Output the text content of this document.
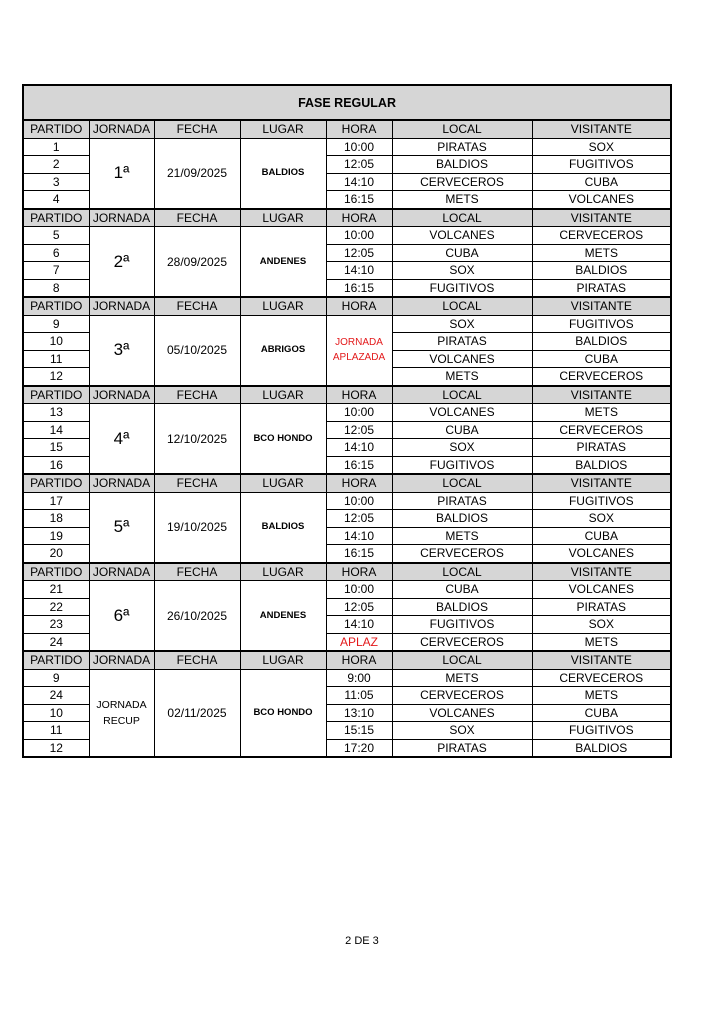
FASE REGULAR						
PARTIDO	JORNADA	FECHA	LUGAR	HORA	LOCAL	VISITANTE
1	1ª	21/09/2025	BALDIOS	10:00	PIRATAS	SOX
2				12:05	BALDIOS	FUGITIVOS
3				14:10	CERVECEROS	CUBA
4				16:15	METS	VOLCANES
PARTIDO	JORNADA	FECHA	LUGAR	HORA	LOCAL	VISITANTE
5	2ª	28/09/2025	ANDENES	10:00	VOLCANES	CERVECEROS
6				12:05	CUBA	METS
7				14:10	SOX	BALDIOS
8				16:15	FUGITIVOS	PIRATAS
PARTIDO	JORNADA	FECHA	LUGAR	HORA	LOCAL	VISITANTE
9	3ª	05/10/2025	ABRIGOS	JORNADA APLAZADA	SOX	FUGITIVOS
10					PIRATAS	BALDIOS
11					VOLCANES	CUBA
12					METS	CERVECEROS
PARTIDO	JORNADA	FECHA	LUGAR	HORA	LOCAL	VISITANTE
13	4ª	12/10/2025	BCO HONDO	10:00	VOLCANES	METS
14				12:05	CUBA	CERVECEROS
15				14:10	SOX	PIRATAS
16				16:15	FUGITIVOS	BALDIOS
PARTIDO	JORNADA	FECHA	LUGAR	HORA	LOCAL	VISITANTE
17	5ª	19/10/2025	BALDIOS	10:00	PIRATAS	FUGITIVOS
18				12:05	BALDIOS	SOX
19				14:10	METS	CUBA
20				16:15	CERVECEROS	VOLCANES
PARTIDO	JORNADA	FECHA	LUGAR	HORA	LOCAL	VISITANTE
21	6ª	26/10/2025	ANDENES	10:00	CUBA	VOLCANES
22				12:05	BALDIOS	PIRATAS
23				14:10	FUGITIVOS	SOX
24				APLAZ	CERVECEROS	METS
PARTIDO	JORNADA	FECHA	LUGAR	HORA	LOCAL	VISITANTE
9	JORNADA RECUP	02/11/2025	BCO HONDO	9:00	METS	CERVECEROS
24				11:05	CERVECEROS	METS
10				13:10	VOLCANES	CUBA
11				15:15	SOX	FUGITIVOS
12				17:20	PIRATAS	BALDIOS
2 DE 3
